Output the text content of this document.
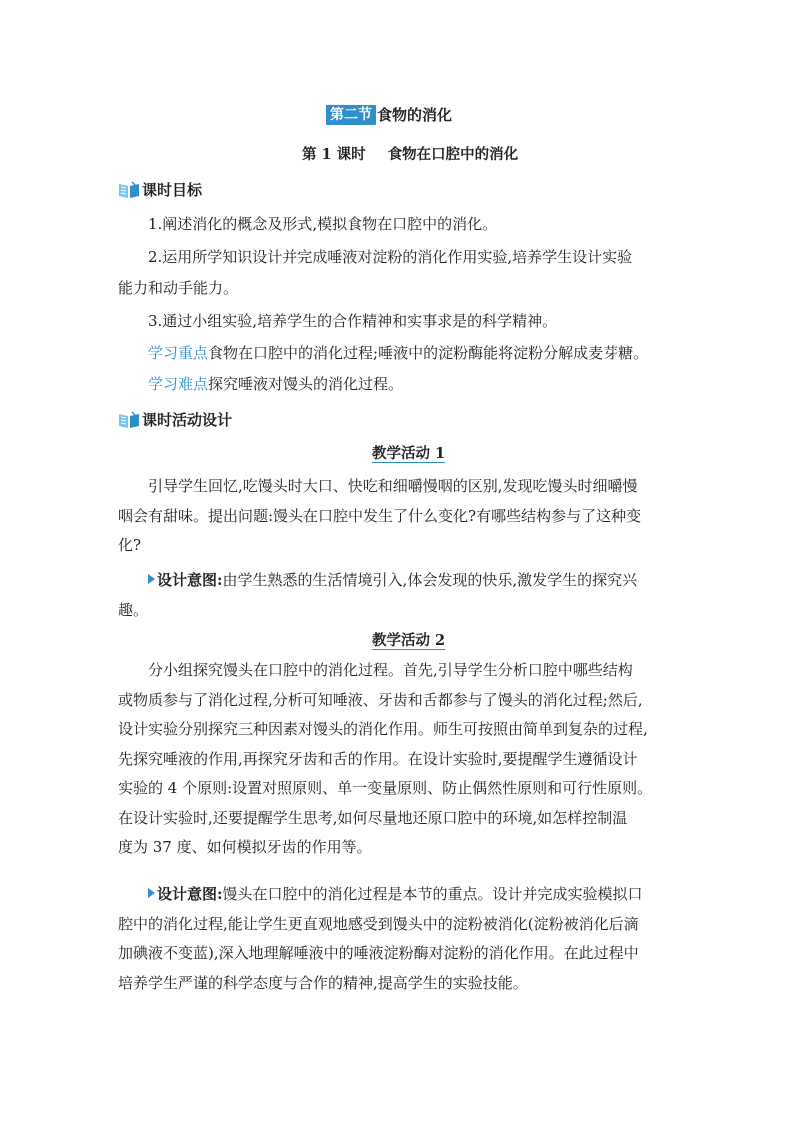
第二节 食物的消化
第 1 课时 食物在口腔中的消化
课时目标
1.阐述消化的概念及形式,模拟食物在口腔中的消化。
2.运用所学知识设计并完成唾液对淀粉的消化作用实验,培养学生设计实验
能力和动手能力。
3.通过小组实验,培养学生的合作精神和实事求是的科学精神。
学习重点食物在口腔中的消化过程;唾液中的淀粉酶能将淀粉分解成麦芽糖。
学习难点探究唾液对馒头的消化过程。
课时活动设计
教学活动 1
引导学生回忆,吃馒头时大口、快吃和细嚼慢咽的区别,发现吃馒头时细嚼慢
咽会有甜味。提出问题:馒头在口腔中发生了什么变化?有哪些结构参与了这种变
化?
设计意图:由学生熟悉的生活情境引入,体会发现的快乐,激发学生的探究兴
趣。
教学活动 2
分小组探究馒头在口腔中的消化过程。首先,引导学生分析口腔中哪些结构
或物质参与了消化过程,分析可知唾液、牙齿和舌都参与了馒头的消化过程;然后,
设计实验分别探究三种因素对馒头的消化作用。师生可按照由简单到复杂的过程,
先探究唾液的作用,再探究牙齿和舌的作用。在设计实验时,要提醒学生遵循设计
实验的 4 个原则:设置对照原则、单一变量原则、防止偶然性原则和可行性原则。
在设计实验时,还要提醒学生思考,如何尽量地还原口腔中的环境,如怎样控制温
度为 37 度、如何模拟牙齿的作用等。
设计意图:馒头在口腔中的消化过程是本节的重点。设计并完成实验模拟口
腔中的消化过程,能让学生更直观地感受到馒头中的淀粉被消化(淀粉被消化后滴
加碘液不变蓝),深入地理解唾液中的唾液淀粉酶对淀粉的消化作用。在此过程中
培养学生严谨的科学态度与合作的精神,提高学生的实验技能。
